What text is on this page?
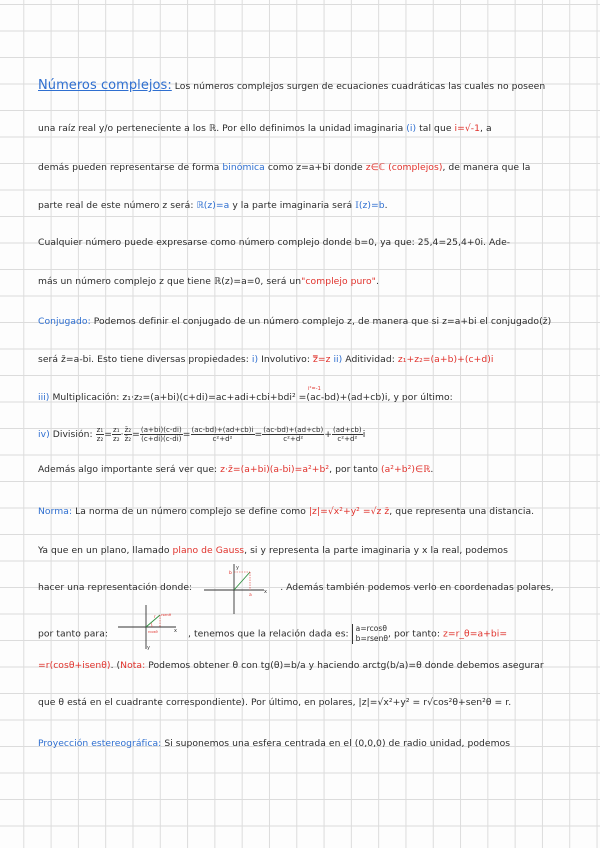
Números complejos: Los números complejos surgen de ecuaciones cuadráticas las cuales no poseen
una raíz real y/o perteneciente a los ℝ. Por ello definimos la unidad imaginaria (i) tal que i=√-1, a
demás pueden representarse de forma binómica como z=a+bi donde z∈ℂ (complejos), de manera que la
parte real de este número z será: ℝ(z)=a y la parte imaginaria será 𝕀(z)=b.
Cualquier número puede expresarse como número complejo donde b=0, ya que: 25,4=25,4+0i. Ade-
más un número complejo z que tiene ℝ(z)=a=0, será un"complejo puro".
Conjugado: Podemos definir el conjugado de un número complejo z, de manera que si z=a+bi el conjugado(z̄)
será z̄=a-bi. Esto tiene diversas propiedades: i) Involutivo: z̿=z ii) Aditividad: z₁+z₂=(a+b)+(c+d)i
iii) Multiplicación: z₁·z₂=(a+bi)(c+di)=ac+adi+cbi+bdi² =(ac-bd)+(ad+cb)i, y por último:
i²=-1
iv) División: $\frac{\text{z₁}}{\text{z₂}} = \frac{\text{z₁}}{\text{z₂}} \cdot \frac{\text{z̄₂}}{\text{z̄₂}} = \frac{(a+bi)(c-di)}{(c+di)(c-di)} = \frac{(ac-bd)+(ad+cb)i}{\text{c²+d²}} = \frac{(ac-bd)+(ad+cb)}{\text{c²+d²}} + \frac{(ad+cb)}{\text{c²+d²}}$ i
Además algo importante será ver que: z·z̄=(a+bi)(a-bi)=a²+b², por tanto (a²+b²)∈ℝ.
Norma: La norma de un número complejo se define como |z|=√x²+y² =√z z̄, que representa una distancia.
Ya que en un plano, llamado plano de Gauss, si y representa la parte imaginaria y x la real, podemos
hacer una representación donde:	. Además también podemos verlo en coordenadas polares,
y
x
b
a
por tanto para:	, tenemos que la relación dada es: a=rcosθ
b=rsenθ , por tanto: z=r_θ=a+bi=
y
x
r rsenθ
rcosθ
=r(cosθ+isenθ). (Nota: Podemos obtener θ con tg(θ)=b/a y haciendo arctg(b/a)=θ donde debemos asegurar
que θ está en el cuadrante correspondiente). Por último, en polares, |z|=√x²+y² = r√cos²θ+sen²θ = r.
Proyección estereográfica: Si suponemos una esfera centrada en el (0,0,0) de radio unidad, podemos
